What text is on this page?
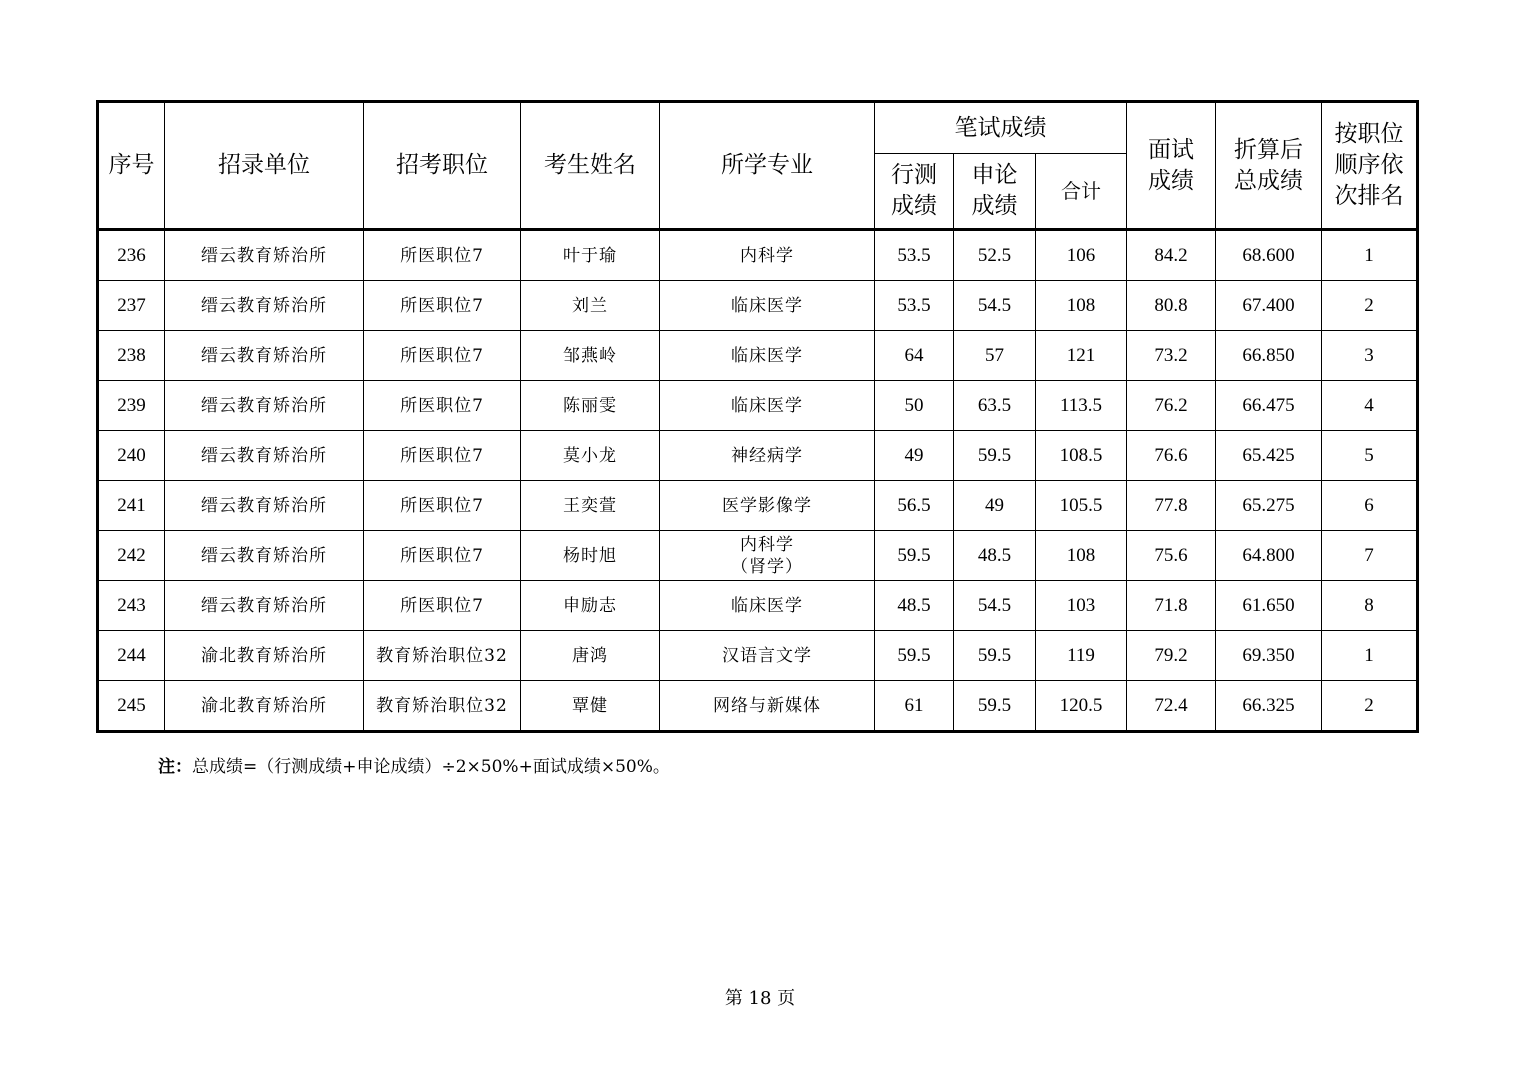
序号	招录单位	招考职位	考生姓名	所学专业	笔试成绩			面试成绩	折算后总成绩	按职位顺序依次排名

					行测成绩	申论成绩	合计			
236	缙云教育矫治所	所医职位7	叶于瑜	内科学	53.5	52.5	106	84.2	68.600	1
237	缙云教育矫治所	所医职位7	刘兰	临床医学	53.5	54.5	108	80.8	67.400	2
238	缙云教育矫治所	所医职位7	邹燕岭	临床医学	64	57	121	73.2	66.850	3
239	缙云教育矫治所	所医职位7	陈丽雯	临床医学	50	63.5	113.5	76.2	66.475	4
240	缙云教育矫治所	所医职位7	莫小龙	神经病学	49	59.5	108.5	76.6	65.425	5
241	缙云教育矫治所	所医职位7	王奕萱	医学影像学	56.5	49	105.5	77.8	65.275	6
242	缙云教育矫治所	所医职位7	杨时旭	内科学
（肾学）	59.5	48.5	108	75.6	64.800	7
243	缙云教育矫治所	所医职位7	申励志	临床医学	48.5	54.5	103	71.8	61.650	8
244	渝北教育矫治所	教育矫治职位32	唐鸿	汉语言文学	59.5	59.5	119	79.2	69.350	1
245	渝北教育矫治所	教育矫治职位32	覃健	网络与新媒体	61	59.5	120.5	72.4	66.325	2
注：总成绩=（行测成绩+申论成绩）÷2×50%+面试成绩×50%。
第 18 页
